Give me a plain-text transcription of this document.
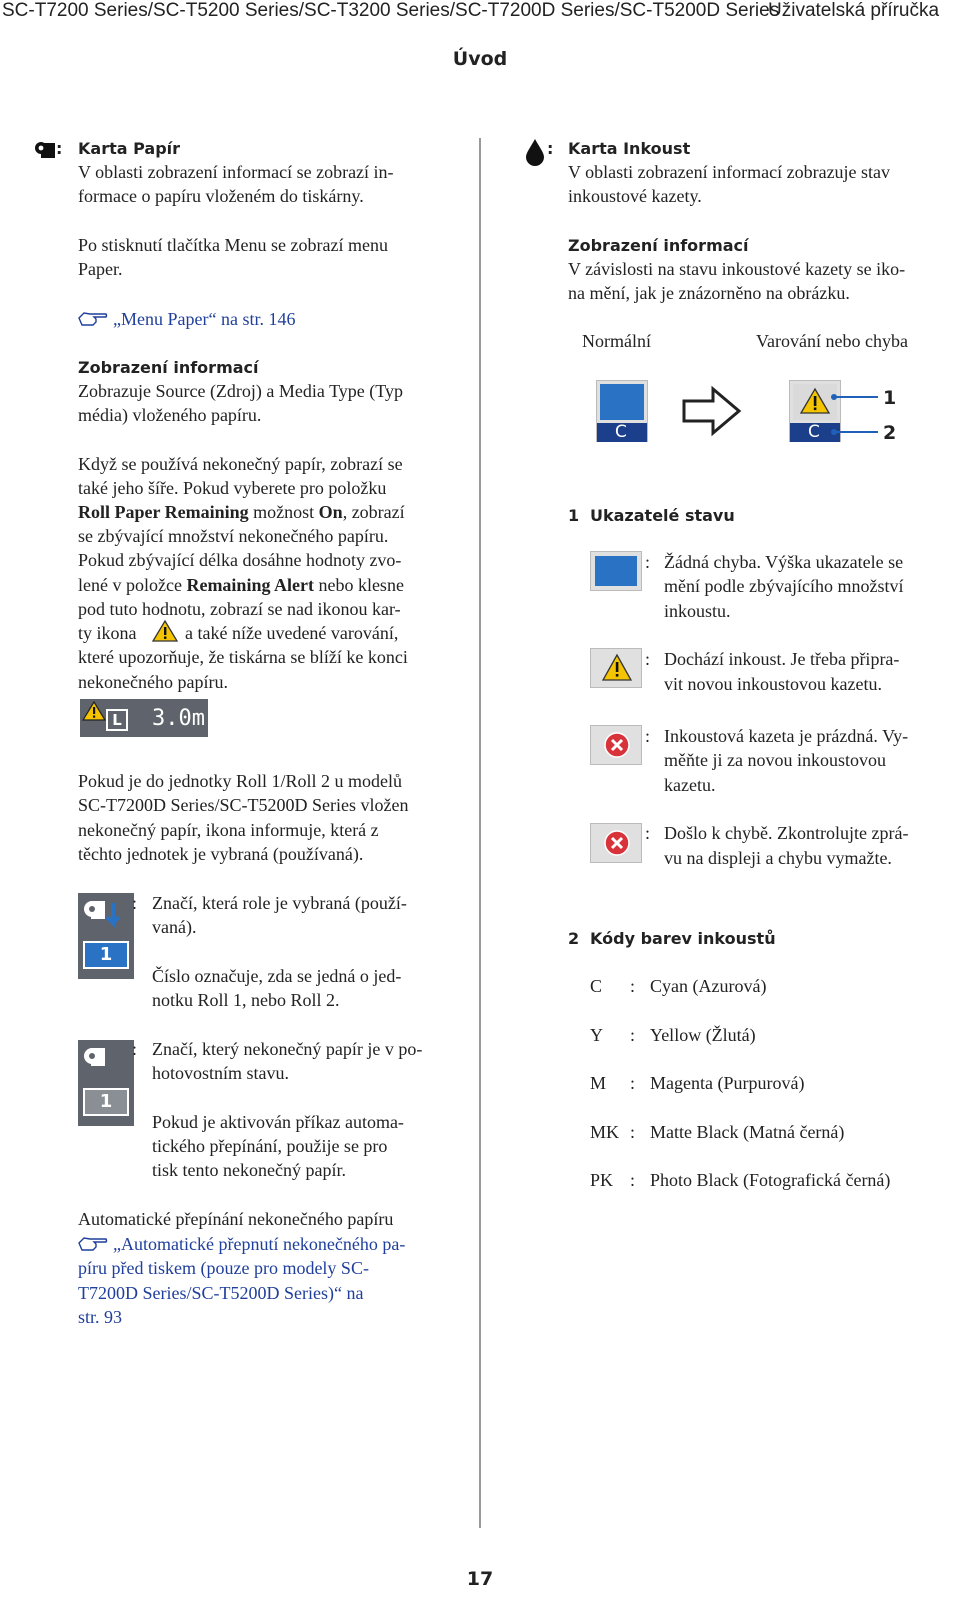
SC-T7200 Series/SC-T5200 Series/SC-T3200 Series/SC-T7200D Series/SC-T5200D Series
Uživatelská příručka
Úvod
: Karta Papír
V oblasti zobrazení informací se zobrazí in-
formace o papíru vloženém do tiskárny.
Po stisknutí tlačítka Menu se zobrazí menu
Paper.
„Menu Paper“ na str. 146
Zobrazení informací
Zobrazuje Source (Zdroj) a Media Type (Typ
média) vloženého papíru.
Když se používá nekonečný papír, zobrazí se
také jeho šíře. Pokud vyberete pro položku
Roll Paper Remaining možnost On, zobrazí
se zbývající množství nekonečného papíru.
Pokud zbývající délka dosáhne hodnoty zvo-
lené v položce Remaining Alert nebo klesne
pod tuto hodnotu, zobrazí se nad ikonou kar-
ty ikona	a také níže uvedené varování,
které upozorňuje, že tiskárna se blíží ke konci
nekonečného papíru.
L 3.0m
Pokud je do jednotky Roll 1/Roll 2 u modelů
SC-T7200D Series/SC-T5200D Series vložen
nekonečný papír, ikona informuje, která z
těchto jednotek je vybraná (používaná).
1
: Značí, která role je vybraná (použí-
vaná).
Číslo označuje, zda se jedná o jed-
notku Roll 1, nebo Roll 2.
1
: Značí, který nekonečný papír je v po-
hotovostním stavu.
Pokud je aktivován příkaz automa-
tického přepínání, použije se pro
tisk tento nekonečný papír.
Automatické přepínání nekonečného papíru
„Automatické přepnutí nekonečného pa-
píru před tiskem (pouze pro modely SC-
T7200D Series/SC-T5200D Series)“ na
str. 93
: Karta Inkoust
V oblasti zobrazení informací zobrazuje stav
inkoustové kazety.
Zobrazení informací
V závislosti na stavu inkoustové kazety se iko-
na mění, jak je znázorněno na obrázku.
Normální	Varování nebo chyba
C	C
1
2
1 Ukazatelé stavu
: Žádná chyba. Výška ukazatele se
mění podle zbývajícího množství
inkoustu.
: Dochází inkoust. Je třeba připra-
vit novou inkoustovou kazetu.
: Inkoustová kazeta je prázdná. Vy-
měňte ji za novou inkoustovou
kazetu.
: Došlo k chybě. Zkontrolujte zprá-
vu na displeji a chybu vymažte.
2 Kódy barev inkoustů
C : Cyan (Azurová)
Y : Yellow (Žlutá)
M : Magenta (Purpurová)
MK : Matte Black (Matná černá)
PK : Photo Black (Fotografická černá)
17
